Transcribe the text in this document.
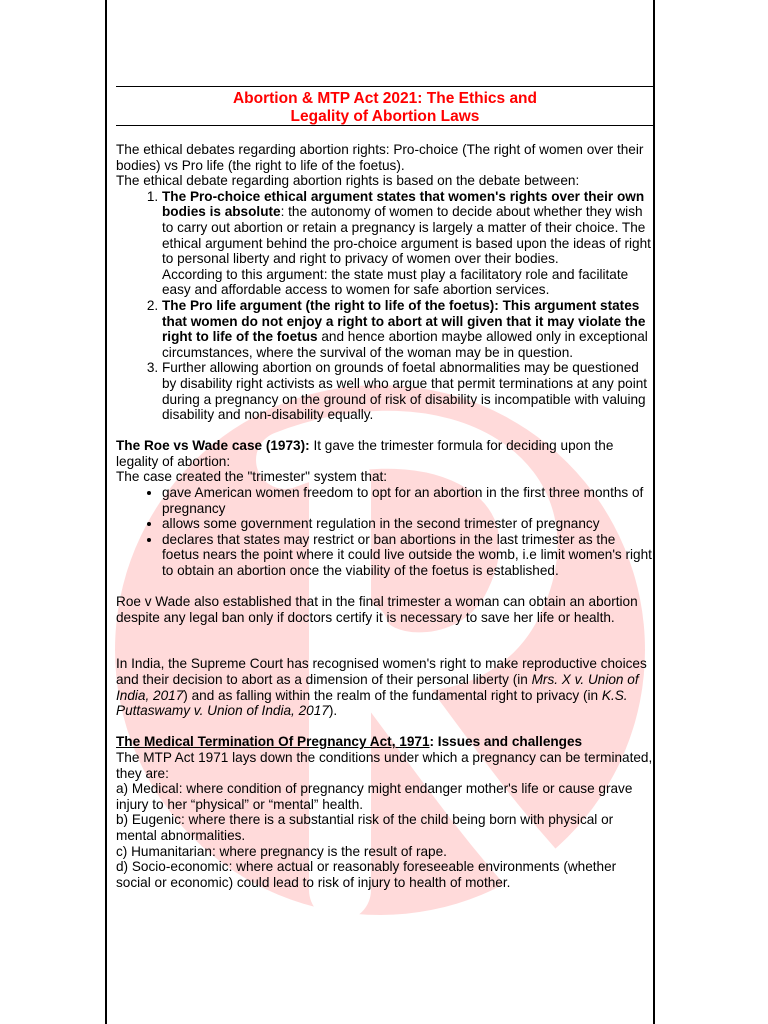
Abortion & MTP Act 2021: The Ethics and
Legality of Abortion Laws

The ethical debates regarding abortion rights: Pro-choice (The right of women over their bodies) vs Pro life (the right to life of the foetus).

The ethical debate regarding abortion rights is based on the debate between:

1. The Pro-choice ethical argument states that women's rights over their own bodies is absolute: the autonomy of women to decide about whether they wish to carry out abortion or retain a pregnancy is largely a matter of their choice. The ethical argument behind the pro-choice argument is based upon the ideas of right to personal liberty and right to privacy of women over their bodies.
According to this argument: the state must play a facilitatory role and facilitate easy and affordable access to women for safe abortion services.
2. The Pro life argument (the right to life of the foetus): This argument states that women do not enjoy a right to abort at will given that it may violate the right to life of the foetus and hence abortion maybe allowed only in exceptional circumstances, where the survival of the woman may be in question.
3. Further allowing abortion on grounds of foetal abnormalities may be questioned by disability right activists as well who argue that permit terminations at any point during a pregnancy on the ground of risk of disability is incompatible with valuing disability and non-disability equally.

The Roe vs Wade case (1973): It gave the trimester formula for deciding upon the legality of abortion:

The case created the "trimester" system that:

• gave American women freedom to opt for an abortion in the first three months of pregnancy
• allows some government regulation in the second trimester of pregnancy
• declares that states may restrict or ban abortions in the last trimester as the foetus nears the point where it could live outside the womb, i.e limit women's right to obtain an abortion once the viability of the foetus is established.

Roe v Wade also established that in the final trimester a woman can obtain an abortion despite any legal ban only if doctors certify it is necessary to save her life or health.

In India, the Supreme Court has recognised women's right to make reproductive choices and their decision to abort as a dimension of their personal liberty (in Mrs. X v. Union of India, 2017) and as falling within the realm of the fundamental right to privacy (in K.S. Puttaswamy v. Union of India, 2017).

The Medical Termination Of Pregnancy Act, 1971: Issues and challenges

The MTP Act 1971 lays down the conditions under which a pregnancy can be terminated, they are:

a) Medical: where condition of pregnancy might endanger mother's life or cause grave injury to her “physical” or “mental” health.

b) Eugenic: where there is a substantial risk of the child being born with physical or mental abnormalities.

c) Humanitarian: where pregnancy is the result of rape.

d) Socio-economic: where actual or reasonably foreseeable environments (whether social or economic) could lead to risk of injury to health of mother.
